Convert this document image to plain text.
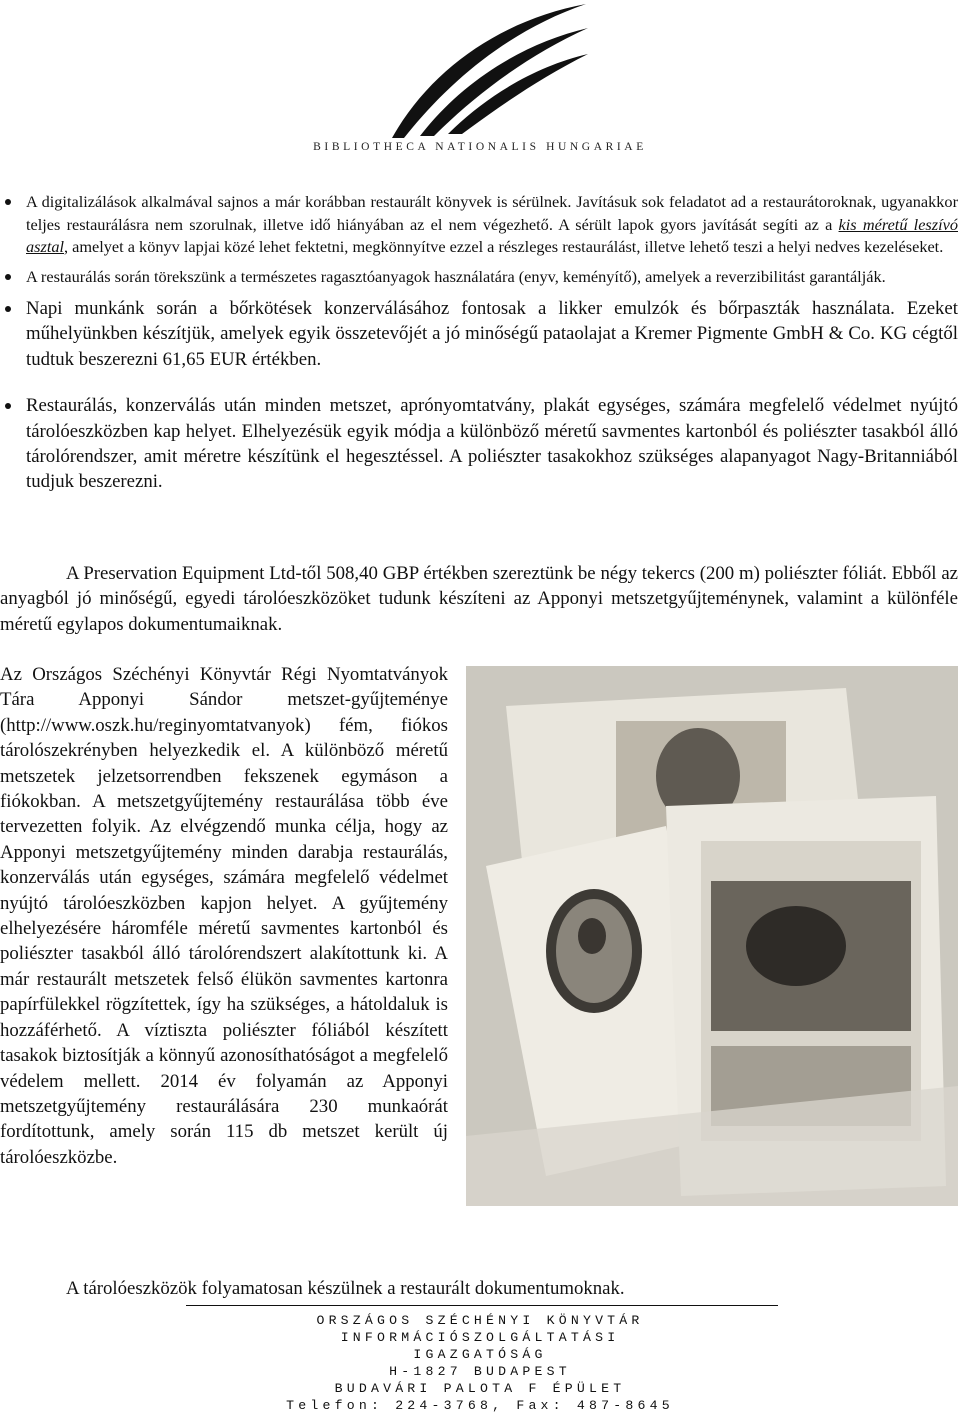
BIBLIOTHECA NATIONALIS HUNGARIAE
A digitalizálások alkalmával sajnos a már korábban restaurált könyvek is sérülnek. Javításuk sok feladatot ad a restaurátoroknak, ugyanakkor teljes restaurálásra nem szorulnak, illetve idő hiányában az el nem végezhető. A sérült lapok gyors javítását segíti az a kis méretű leszívó asztal, amelyet a könyv lapjai közé lehet fektetni, megkönnyítve ezzel a részleges restaurálást, illetve lehető teszi a helyi nedves kezeléseket.
A restaurálás során törekszünk a természetes ragasztóanyagok használatára (enyv, keményítő), amelyek a reverzibilitást garantálják.
Napi munkánk során a bőrkötések konzerválásához fontosak a likker emulzók és bőrpaszták használata. Ezeket műhelyünkben készítjük, amelyek egyik összetevőjét a jó minőségű pataolajat a Kremer Pigmente GmbH & Co. KG cégtől tudtuk beszerezni 61,65 EUR értékben.
Restaurálás, konzerválás után minden metszet, aprónyomtatvány, plakát egységes, számára megfelelő védelmet nyújtó tárolóeszközben kap helyet. Elhelyezésük egyik módja a különböző méretű savmentes kartonból és poliészter tasakból álló tárolórendszer, amit méretre készítünk el hegesztéssel. A poliészter tasakokhoz szükséges alapanyagot Nagy-Britanniából tudjuk beszerezni.
A Preservation Equipment Ltd-től 508,40 GBP értékben szereztünk be négy tekercs (200 m) poliészter fóliát. Ebből az anyagból jó minőségű, egyedi tárolóeszközöket tudunk készíteni az Apponyi metszetgyűjteménynek, valamint a különféle méretű egylapos dokumentumaiknak.
Az Országos Széchényi Könyvtár Régi Nyomtatványok Tára Apponyi Sándor metszet-gyűjteménye (http://www.oszk.hu/reginyomtatvanyok) fém, fiókos tárolószekrényben helyezkedik el. A különböző méretű metszetek jelzetsorrendben fekszenek egymáson a fiókokban. A metszetgyűjtemény restaurálása több éve tervezetten folyik. Az elvégzendő munka célja, hogy az Apponyi metszetgyűjtemény minden darabja restaurálás, konzerválás után egységes, számára megfelelő védelmet nyújtó tárolóeszközben kapjon helyet. A gyűjtemény elhelyezésére háromféle méretű savmentes kartonból és poliészter tasakból álló tárolórendszert alakítottunk ki. A már restaurált metszetek felső élükön savmentes kartonra papírfülekkel rögzítettek, így ha szükséges, a hátoldaluk is hozzáférhető. A víztiszta poliészter fóliából készített tasakok biztosítják a könnyű azonosíthatóságot a megfelelő védelem mellett. 2014 év folyamán az Apponyi metszetgyűjtemény restaurálására 230 munkaórát fordítottunk, amely során 115 db metszet került új tárolóeszközbe.
A tárolóeszközök folyamatosan készülnek a restaurált dokumentumoknak.
ORSZÁGOS SZÉCHÉNYI KÖNYVTÁR
INFORMÁCIÓSZOLGÁLTATÁSI
IGAZGATÓSÁG
H-1827 BUDAPEST
BUDAVÁRI PALOTA F ÉPÜLET
Telefon: 224-3768, Fax: 487-8645
